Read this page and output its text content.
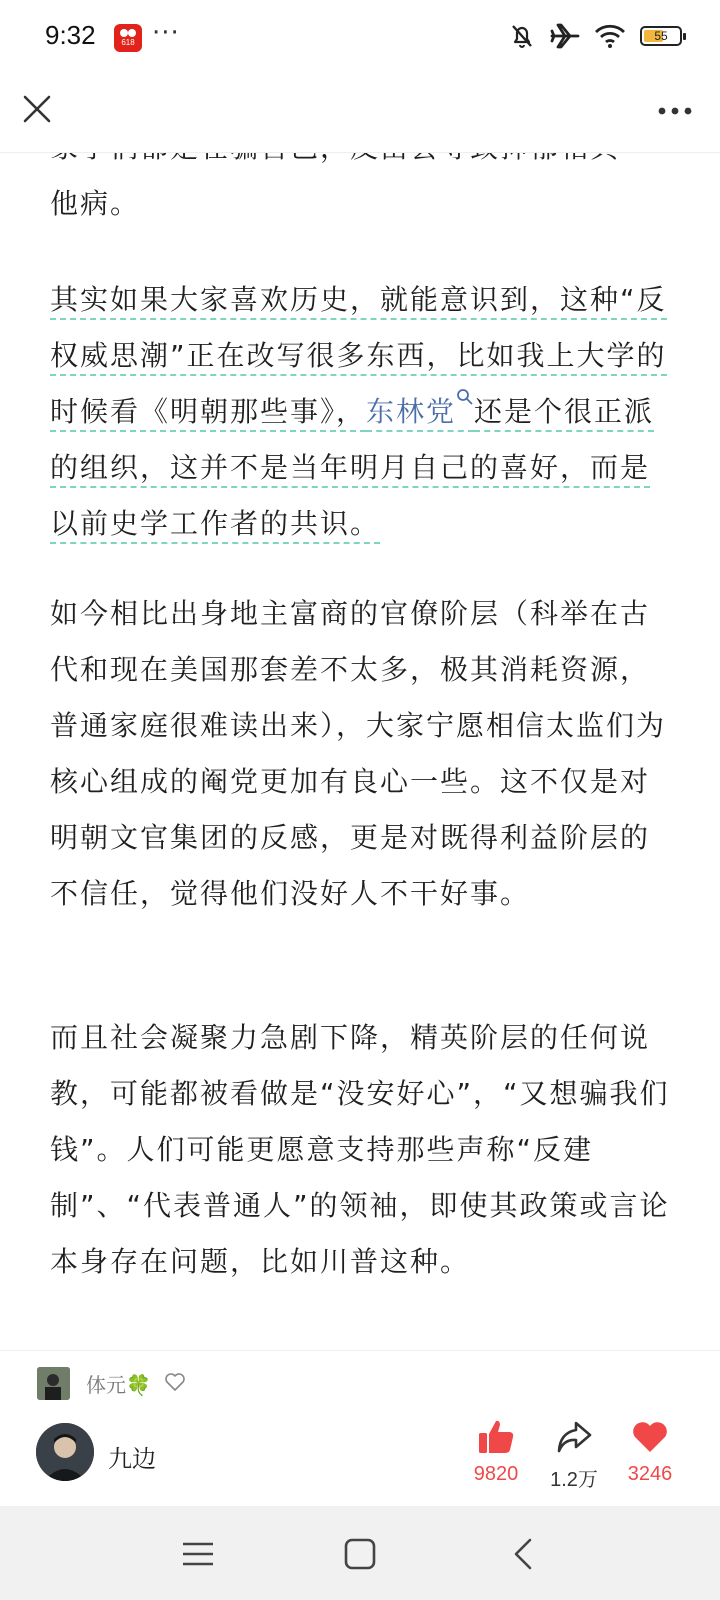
9:32	618 ···	55
他病。
其实如果大家喜欢历史，就能意识到，这种“反权威思潮”正在改写很多东西，比如我上大学的时候看《明朝那些事》，东林党 还是个很正派的组织，这并不是当年明月自己的喜好，而是以前史学工作者的共识。
如今相比出身地主富商的官僚阶层（科举在古代和现在美国那套差不太多，极其消耗资源，普通家庭很难读出来），大家宁愿相信太监们为核心组成的阉党更加有良心一些。这不仅是对明朝文官集团的反感，更是对既得利益阶层的不信任，觉得他们没好人不干好事。
而且社会凝聚力急剧下降，精英阶层的任何说教，可能都被看做是“没安好心”，“又想骗我们钱”。人们可能更愿意支持那些声称“反建制”、“代表普通人”的领袖，即使其政策或言论本身存在问题，比如川普这种。
体元🍀
九边
9820	1.2万	3246
